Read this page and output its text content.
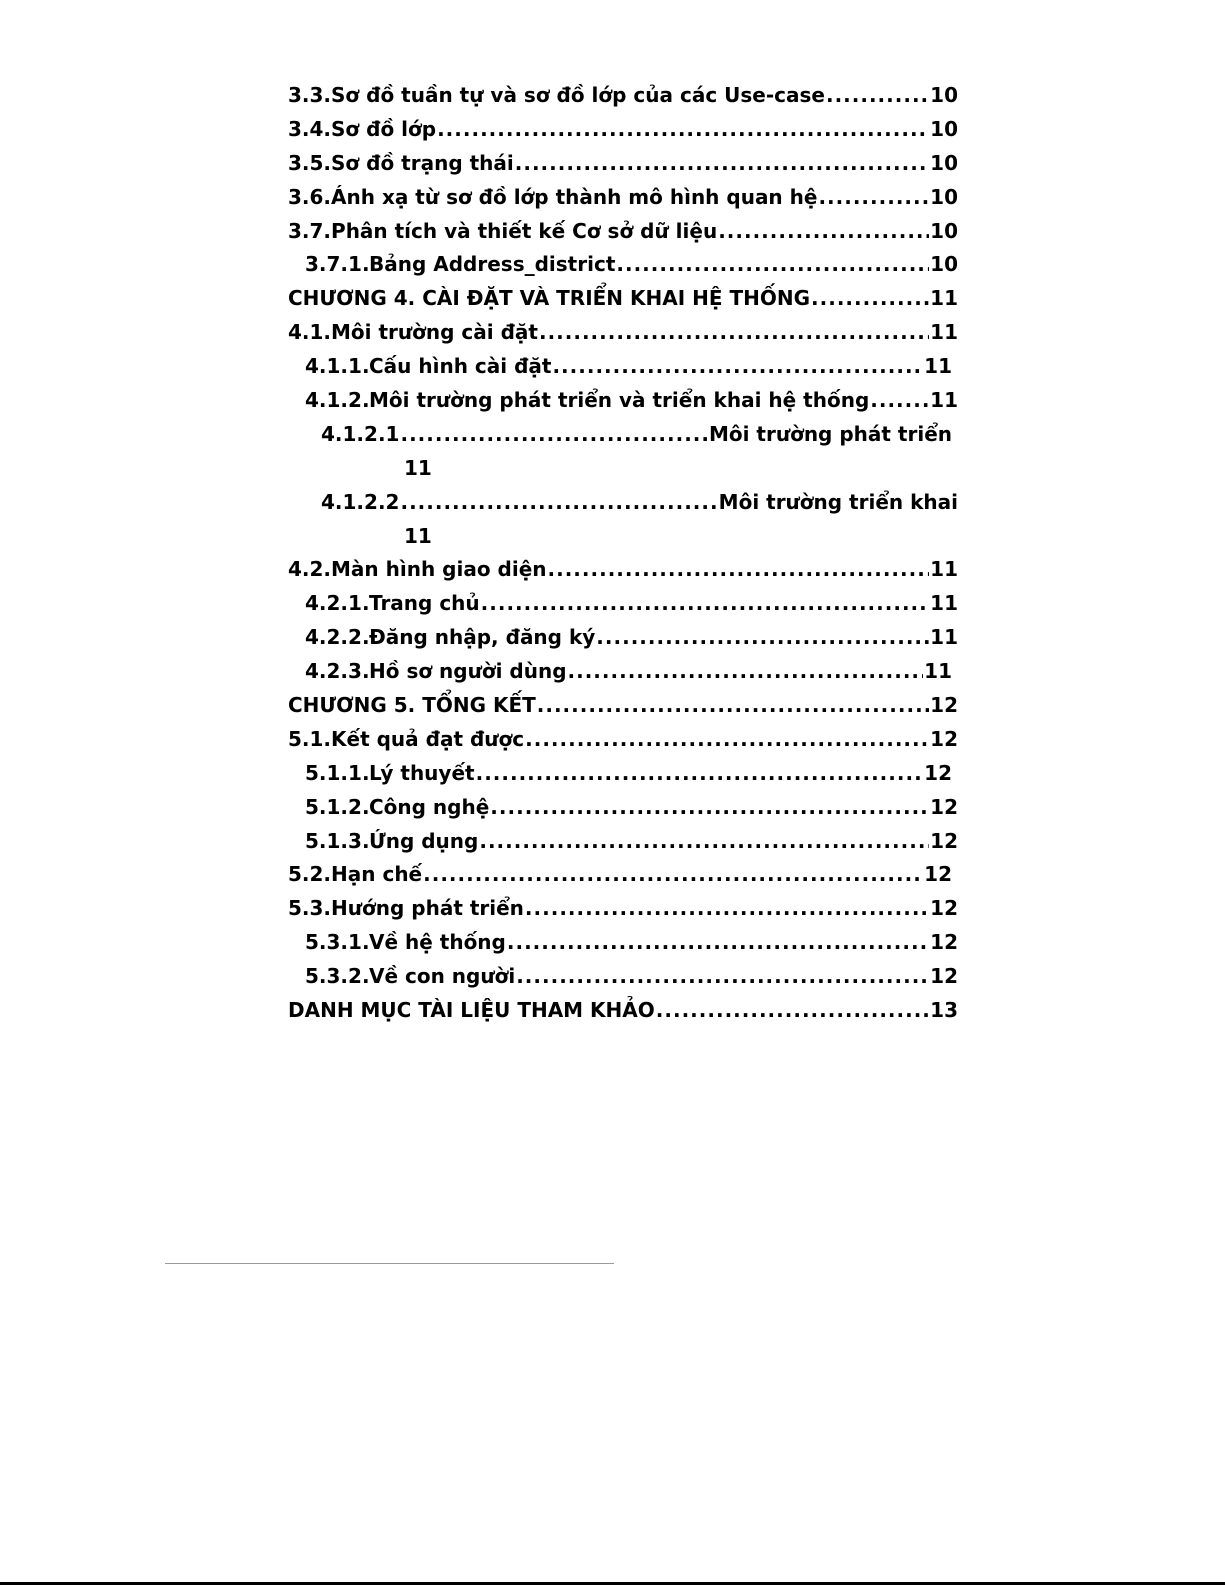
3.3. Sơ đồ tuần tự và sơ đồ lớp của các Use-case .....	10
3.4. Sơ đồ lớp .....	10
3.5. Sơ đồ trạng thái .....	10
3.6. Ánh xạ từ sơ đồ lớp thành mô hình quan hệ .....	10
3.7. Phân tích và thiết kế Cơ sở dữ liệu .....	10
3.7.1. Bảng Address_district .....	10
CHƯƠNG 4. CÀI ĐẶT VÀ TRIỂN KHAI HỆ THỐNG .....	11
4.1. Môi trường cài đặt .....	11
4.1.1. Cấu hình cài đặt .....	11
4.1.2. Môi trường phát triển và triển khai hệ thống .....	11
4.1.2.1 .....	Môi trường phát triển
11
4.1.2.2 .....	Môi trường triển khai
11
4.2. Màn hình giao diện .....	11
4.2.1. Trang chủ .....	11
4.2.2. Đăng nhập, đăng ký .....	11
4.2.3. Hồ sơ người dùng .....	11
CHƯƠNG 5. TỔNG KẾT .....	12
5.1. Kết quả đạt được .....	12
5.1.1. Lý thuyết .....	12
5.1.2. Công nghệ .....	12
5.1.3. Ứng dụng .....	12
5.2. Hạn chế .....	12
5.3. Hướng phát triển .....	12
5.3.1. Về hệ thống .....	12
5.3.2. Về con người .....	12
DANH MỤC TÀI LIỆU THAM KHẢO .....	13
